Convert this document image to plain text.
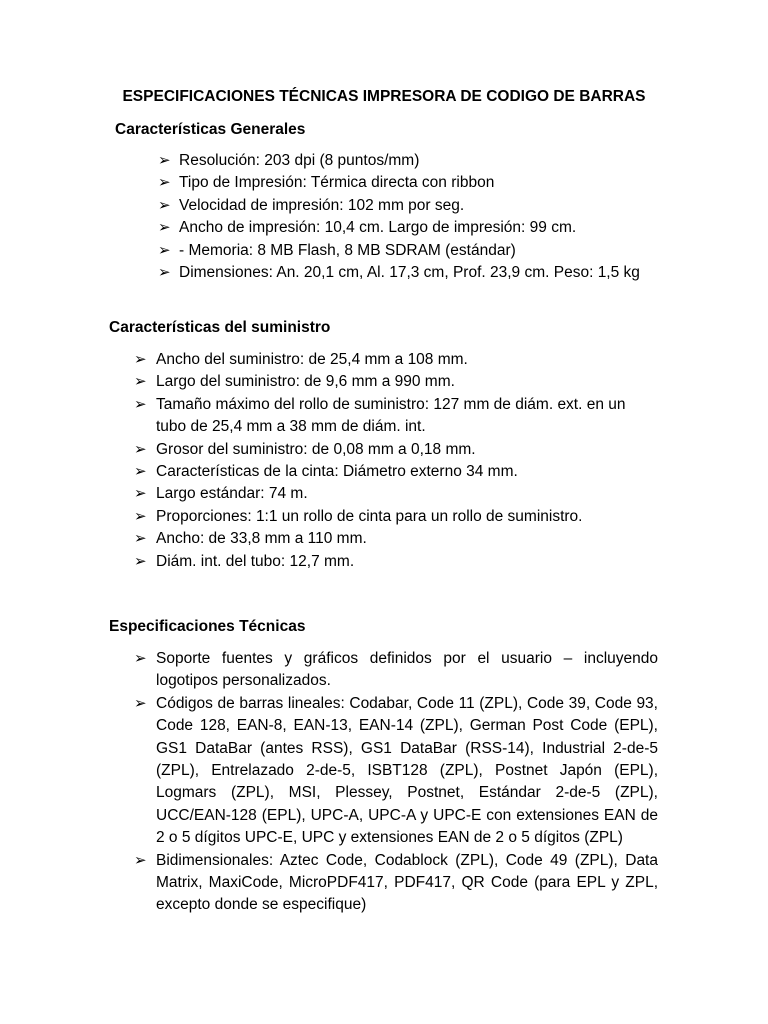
ESPECIFICACIONES TÉCNICAS IMPRESORA DE CODIGO DE BARRAS
Características Generales
➢ Resolución: 203 dpi (8 puntos/mm)
➢ Tipo de Impresión: Térmica directa con ribbon
➢ Velocidad de impresión: 102 mm por seg.
➢ Ancho de impresión: 10,4 cm. Largo de impresión: 99 cm.
➢ - Memoria: 8 MB Flash, 8 MB SDRAM (estándar)
➢ Dimensiones: An. 20,1 cm, Al. 17,3 cm, Prof. 23,9 cm. Peso: 1,5 kg
Características del suministro
➢ Ancho del suministro: de 25,4 mm a 108 mm.
➢ Largo del suministro: de 9,6 mm a 990 mm.
➢ Tamaño máximo del rollo de suministro: 127 mm de diám. ext. en un tubo de 25,4 mm a 38 mm de diám. int.
➢ Grosor del suministro: de 0,08 mm a 0,18 mm.
➢ Características de la cinta: Diámetro externo 34 mm.
➢ Largo estándar: 74 m.
➢ Proporciones: 1:1 un rollo de cinta para un rollo de suministro.
➢ Ancho: de 33,8 mm a 110 mm.
➢ Diám. int. del tubo: 12,7 mm.
Especificaciones Técnicas
➢ Soporte fuentes y gráficos definidos por el usuario – incluyendo logotipos personalizados.
➢ Códigos de barras lineales: Codabar, Code 11 (ZPL), Code 39, Code 93, Code 128, EAN-8, EAN-13, EAN-14 (ZPL), German Post Code (EPL), GS1 DataBar (antes RSS), GS1 DataBar (RSS-14), Industrial 2-de-5 (ZPL), Entrelazado 2-de-5, ISBT128 (ZPL), Postnet Japón (EPL), Logmars (ZPL), MSI, Plessey, Postnet, Estándar 2-de-5 (ZPL), UCC/EAN-128 (EPL), UPC-A, UPC-A y UPC-E con extensiones EAN de 2 o 5 dígitos UPC-E, UPC y extensiones EAN de 2 o 5 dígitos (ZPL)
➢ Bidimensionales: Aztec Code, Codablock (ZPL), Code 49 (ZPL), Data Matrix, MaxiCode, MicroPDF417, PDF417, QR Code (para EPL y ZPL, excepto donde se especifique)
